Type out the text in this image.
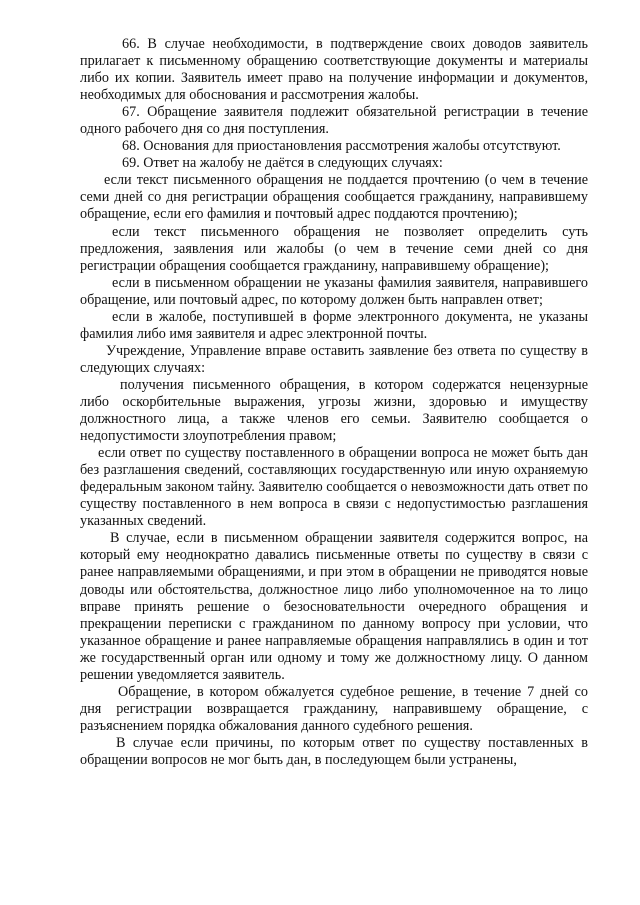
66. В случае необходимости, в подтверждение своих доводов заявитель прилагает к письменному обращению соответствующие документы и материалы либо их копии. Заявитель имеет право на получение информации и документов, необходимых для обоснования и рассмотрения жалобы.

67. Обращение заявителя подлежит обязательной регистрации в течение одного рабочего дня со дня поступления.

68. Основания для приостановления рассмотрения жалобы отсутствуют.

69. Ответ на жалобу не даётся в следующих случаях:

если текст письменного обращения не поддается прочтению (о чем в течение семи дней со дня регистрации обращения сообщается гражданину, направившему обращение, если его фамилия и почтовый адрес поддаются прочтению);

если текст письменного обращения не позволяет определить суть предложения, заявления или жалобы (о чем в течение семи дней со дня регистрации обращения сообщается гражданину, направившему обращение);

если в письменном обращении не указаны фамилия заявителя, направившего обращение, или почтовый адрес, по которому должен быть направлен ответ;

если в жалобе, поступившей в форме электронного документа, не указаны фамилия либо имя заявителя и адрес электронной почты.

Учреждение, Управление вправе оставить заявление без ответа по существу в следующих случаях:

получения письменного обращения, в котором содержатся нецензурные либо оскорбительные выражения, угрозы жизни, здоровью и имуществу должностного лица, а также членов его семьи. Заявителю сообщается о недопустимости злоупотребления правом;

если ответ по существу поставленного в обращении вопроса не может быть дан без разглашения сведений, составляющих государственную или иную охраняемую федеральным законом тайну. Заявителю сообщается о невозможности дать ответ по существу поставленного в нем вопроса в связи с недопустимостью разглашения указанных сведений.

В случае, если в письменном обращении заявителя содержится вопрос, на который ему неоднократно давались письменные ответы по существу в связи с ранее направляемыми обращениями, и при этом в обращении не приводятся новые доводы или обстоятельства, должностное лицо либо уполномоченное на то лицо вправе принять решение о безосновательности очередного обращения и прекращении переписки с гражданином по данному вопросу при условии, что указанное обращение и ранее направляемые обращения направлялись в один и тот же государственный орган или одному и тому же должностному лицу. О данном решении уведомляется заявитель.

Обращение, в котором обжалуется судебное решение, в течение 7 дней со дня регистрации возвращается гражданину, направившему обращение, с разъяснением порядка обжалования данного судебного решения.

В случае если причины, по которым ответ по существу поставленных в обращении вопросов не мог быть дан, в последующем были устранены,
